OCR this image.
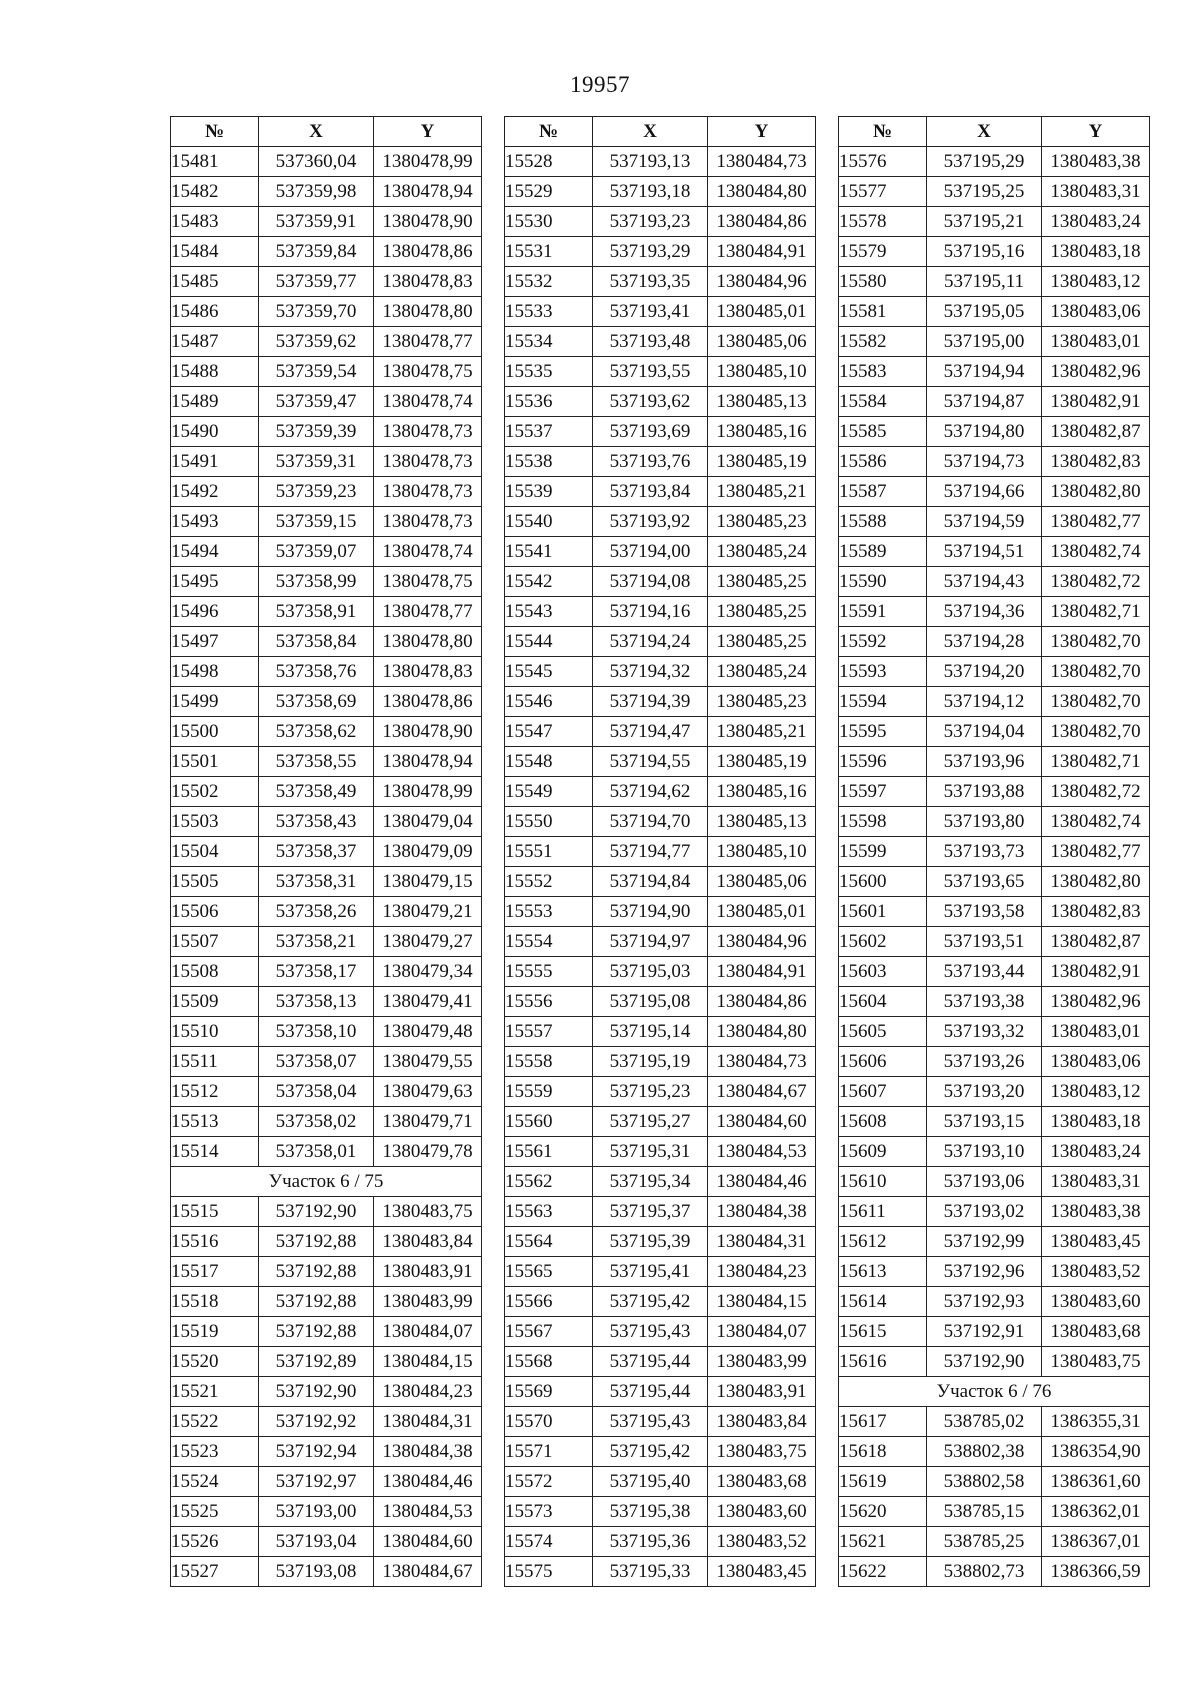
19957
№	X	Y
15481	537360,04	1380478,99
15482	537359,98	1380478,94
15483	537359,91	1380478,90
15484	537359,84	1380478,86
15485	537359,77	1380478,83
15486	537359,70	1380478,80
15487	537359,62	1380478,77
15488	537359,54	1380478,75
15489	537359,47	1380478,74
15490	537359,39	1380478,73
15491	537359,31	1380478,73
15492	537359,23	1380478,73
15493	537359,15	1380478,73
15494	537359,07	1380478,74
15495	537358,99	1380478,75
15496	537358,91	1380478,77
15497	537358,84	1380478,80
15498	537358,76	1380478,83
15499	537358,69	1380478,86
15500	537358,62	1380478,90
15501	537358,55	1380478,94
15502	537358,49	1380478,99
15503	537358,43	1380479,04
15504	537358,37	1380479,09
15505	537358,31	1380479,15
15506	537358,26	1380479,21
15507	537358,21	1380479,27
15508	537358,17	1380479,34
15509	537358,13	1380479,41
15510	537358,10	1380479,48
15511	537358,07	1380479,55
15512	537358,04	1380479,63
15513	537358,02	1380479,71
15514	537358,01	1380479,78
Участок 6 / 75		
15515	537192,90	1380483,75
15516	537192,88	1380483,84
15517	537192,88	1380483,91
15518	537192,88	1380483,99
15519	537192,88	1380484,07
15520	537192,89	1380484,15
15521	537192,90	1380484,23
15522	537192,92	1380484,31
15523	537192,94	1380484,38
15524	537192,97	1380484,46
15525	537193,00	1380484,53
15526	537193,04	1380484,60
15527	537193,08	1380484,67
№	X	Y
15528	537193,13	1380484,73
15529	537193,18	1380484,80
15530	537193,23	1380484,86
15531	537193,29	1380484,91
15532	537193,35	1380484,96
15533	537193,41	1380485,01
15534	537193,48	1380485,06
15535	537193,55	1380485,10
15536	537193,62	1380485,13
15537	537193,69	1380485,16
15538	537193,76	1380485,19
15539	537193,84	1380485,21
15540	537193,92	1380485,23
15541	537194,00	1380485,24
15542	537194,08	1380485,25
15543	537194,16	1380485,25
15544	537194,24	1380485,25
15545	537194,32	1380485,24
15546	537194,39	1380485,23
15547	537194,47	1380485,21
15548	537194,55	1380485,19
15549	537194,62	1380485,16
15550	537194,70	1380485,13
15551	537194,77	1380485,10
15552	537194,84	1380485,06
15553	537194,90	1380485,01
15554	537194,97	1380484,96
15555	537195,03	1380484,91
15556	537195,08	1380484,86
15557	537195,14	1380484,80
15558	537195,19	1380484,73
15559	537195,23	1380484,67
15560	537195,27	1380484,60
15561	537195,31	1380484,53
15562	537195,34	1380484,46
15563	537195,37	1380484,38
15564	537195,39	1380484,31
15565	537195,41	1380484,23
15566	537195,42	1380484,15
15567	537195,43	1380484,07
15568	537195,44	1380483,99
15569	537195,44	1380483,91
15570	537195,43	1380483,84
15571	537195,42	1380483,75
15572	537195,40	1380483,68
15573	537195,38	1380483,60
15574	537195,36	1380483,52
15575	537195,33	1380483,45
№	X	Y
15576	537195,29	1380483,38
15577	537195,25	1380483,31
15578	537195,21	1380483,24
15579	537195,16	1380483,18
15580	537195,11	1380483,12
15581	537195,05	1380483,06
15582	537195,00	1380483,01
15583	537194,94	1380482,96
15584	537194,87	1380482,91
15585	537194,80	1380482,87
15586	537194,73	1380482,83
15587	537194,66	1380482,80
15588	537194,59	1380482,77
15589	537194,51	1380482,74
15590	537194,43	1380482,72
15591	537194,36	1380482,71
15592	537194,28	1380482,70
15593	537194,20	1380482,70
15594	537194,12	1380482,70
15595	537194,04	1380482,70
15596	537193,96	1380482,71
15597	537193,88	1380482,72
15598	537193,80	1380482,74
15599	537193,73	1380482,77
15600	537193,65	1380482,80
15601	537193,58	1380482,83
15602	537193,51	1380482,87
15603	537193,44	1380482,91
15604	537193,38	1380482,96
15605	537193,32	1380483,01
15606	537193,26	1380483,06
15607	537193,20	1380483,12
15608	537193,15	1380483,18
15609	537193,10	1380483,24
15610	537193,06	1380483,31
15611	537193,02	1380483,38
15612	537192,99	1380483,45
15613	537192,96	1380483,52
15614	537192,93	1380483,60
15615	537192,91	1380483,68
15616	537192,90	1380483,75
Участок 6 / 76		
15617	538785,02	1386355,31
15618	538802,38	1386354,90
15619	538802,58	1386361,60
15620	538785,15	1386362,01
15621	538785,25	1386367,01
15622	538802,73	1386366,59
